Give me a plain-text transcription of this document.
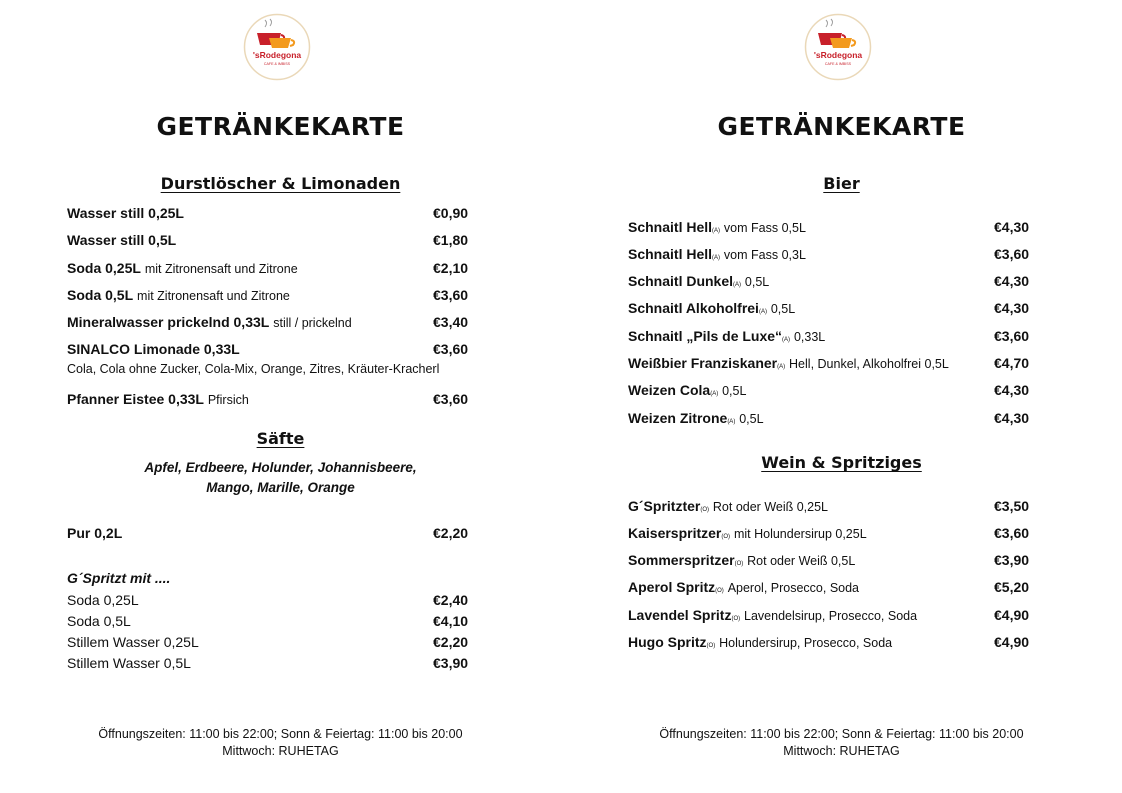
'sRodegona
CAFE & IMBISS
GETRÄNKEKARTE
Durstlöscher & Limonaden
Wasser still 0,25L	€0,90
Wasser still 0,5L	€1,80
Soda 0,25L mit Zitronensaft und Zitrone	€2,10
Soda 0,5L mit Zitronensaft und Zitrone	€3,60
Mineralwasser prickelnd 0,33L still / prickelnd	€3,40
SINALCO Limonade 0,33L	€3,60
Cola, Cola ohne Zucker, Cola-Mix, Orange, Zitres, Kräuter-Kracherl
Pfanner Eistee 0,33L Pfirsich	€3,60
Säfte
Apfel, Erdbeere, Holunder, Johannisbeere,
Mango, Marille, Orange
Pur 0,2L	€2,20
G´Spritzt mit ....
Soda 0,25L	€2,40
Soda 0,5L	€4,10
Stillem Wasser 0,25L	€2,20
Stillem Wasser 0,5L	€3,90
Öffnungszeiten: 11:00 bis 22:00; Sonn & Feiertag: 11:00 bis 20:00
Mittwoch: RUHETAG
'sRodegona
CAFE & IMBISS
GETRÄNKEKARTE
Bier
Schnaitl Hell(A) vom Fass 0,5L	€4,30
Schnaitl Hell(A) vom Fass 0,3L	€3,60
Schnaitl Dunkel(A) 0,5L	€4,30
Schnaitl Alkoholfrei(A) 0,5L	€4,30
Schnaitl „Pils de Luxe“(A) 0,33L	€3,60
Weißbier Franziskaner(A) Hell, Dunkel, Alkoholfrei 0,5L	€4,70
Weizen Cola(A) 0,5L	€4,30
Weizen Zitrone(A) 0,5L	€4,30
Wein & Spritziges
G´Spritzter(O) Rot oder Weiß 0,25L	€3,50
Kaiserspritzer(O) mit Holundersirup 0,25L	€3,60
Sommerspritzer(O) Rot oder Weiß 0,5L	€3,90
Aperol Spritz(O) Aperol, Prosecco, Soda	€5,20
Lavendel Spritz(O) Lavendelsirup, Prosecco, Soda	€4,90
Hugo Spritz(O) Holundersirup, Prosecco, Soda	€4,90
Öffnungszeiten: 11:00 bis 22:00; Sonn & Feiertag: 11:00 bis 20:00
Mittwoch: RUHETAG
